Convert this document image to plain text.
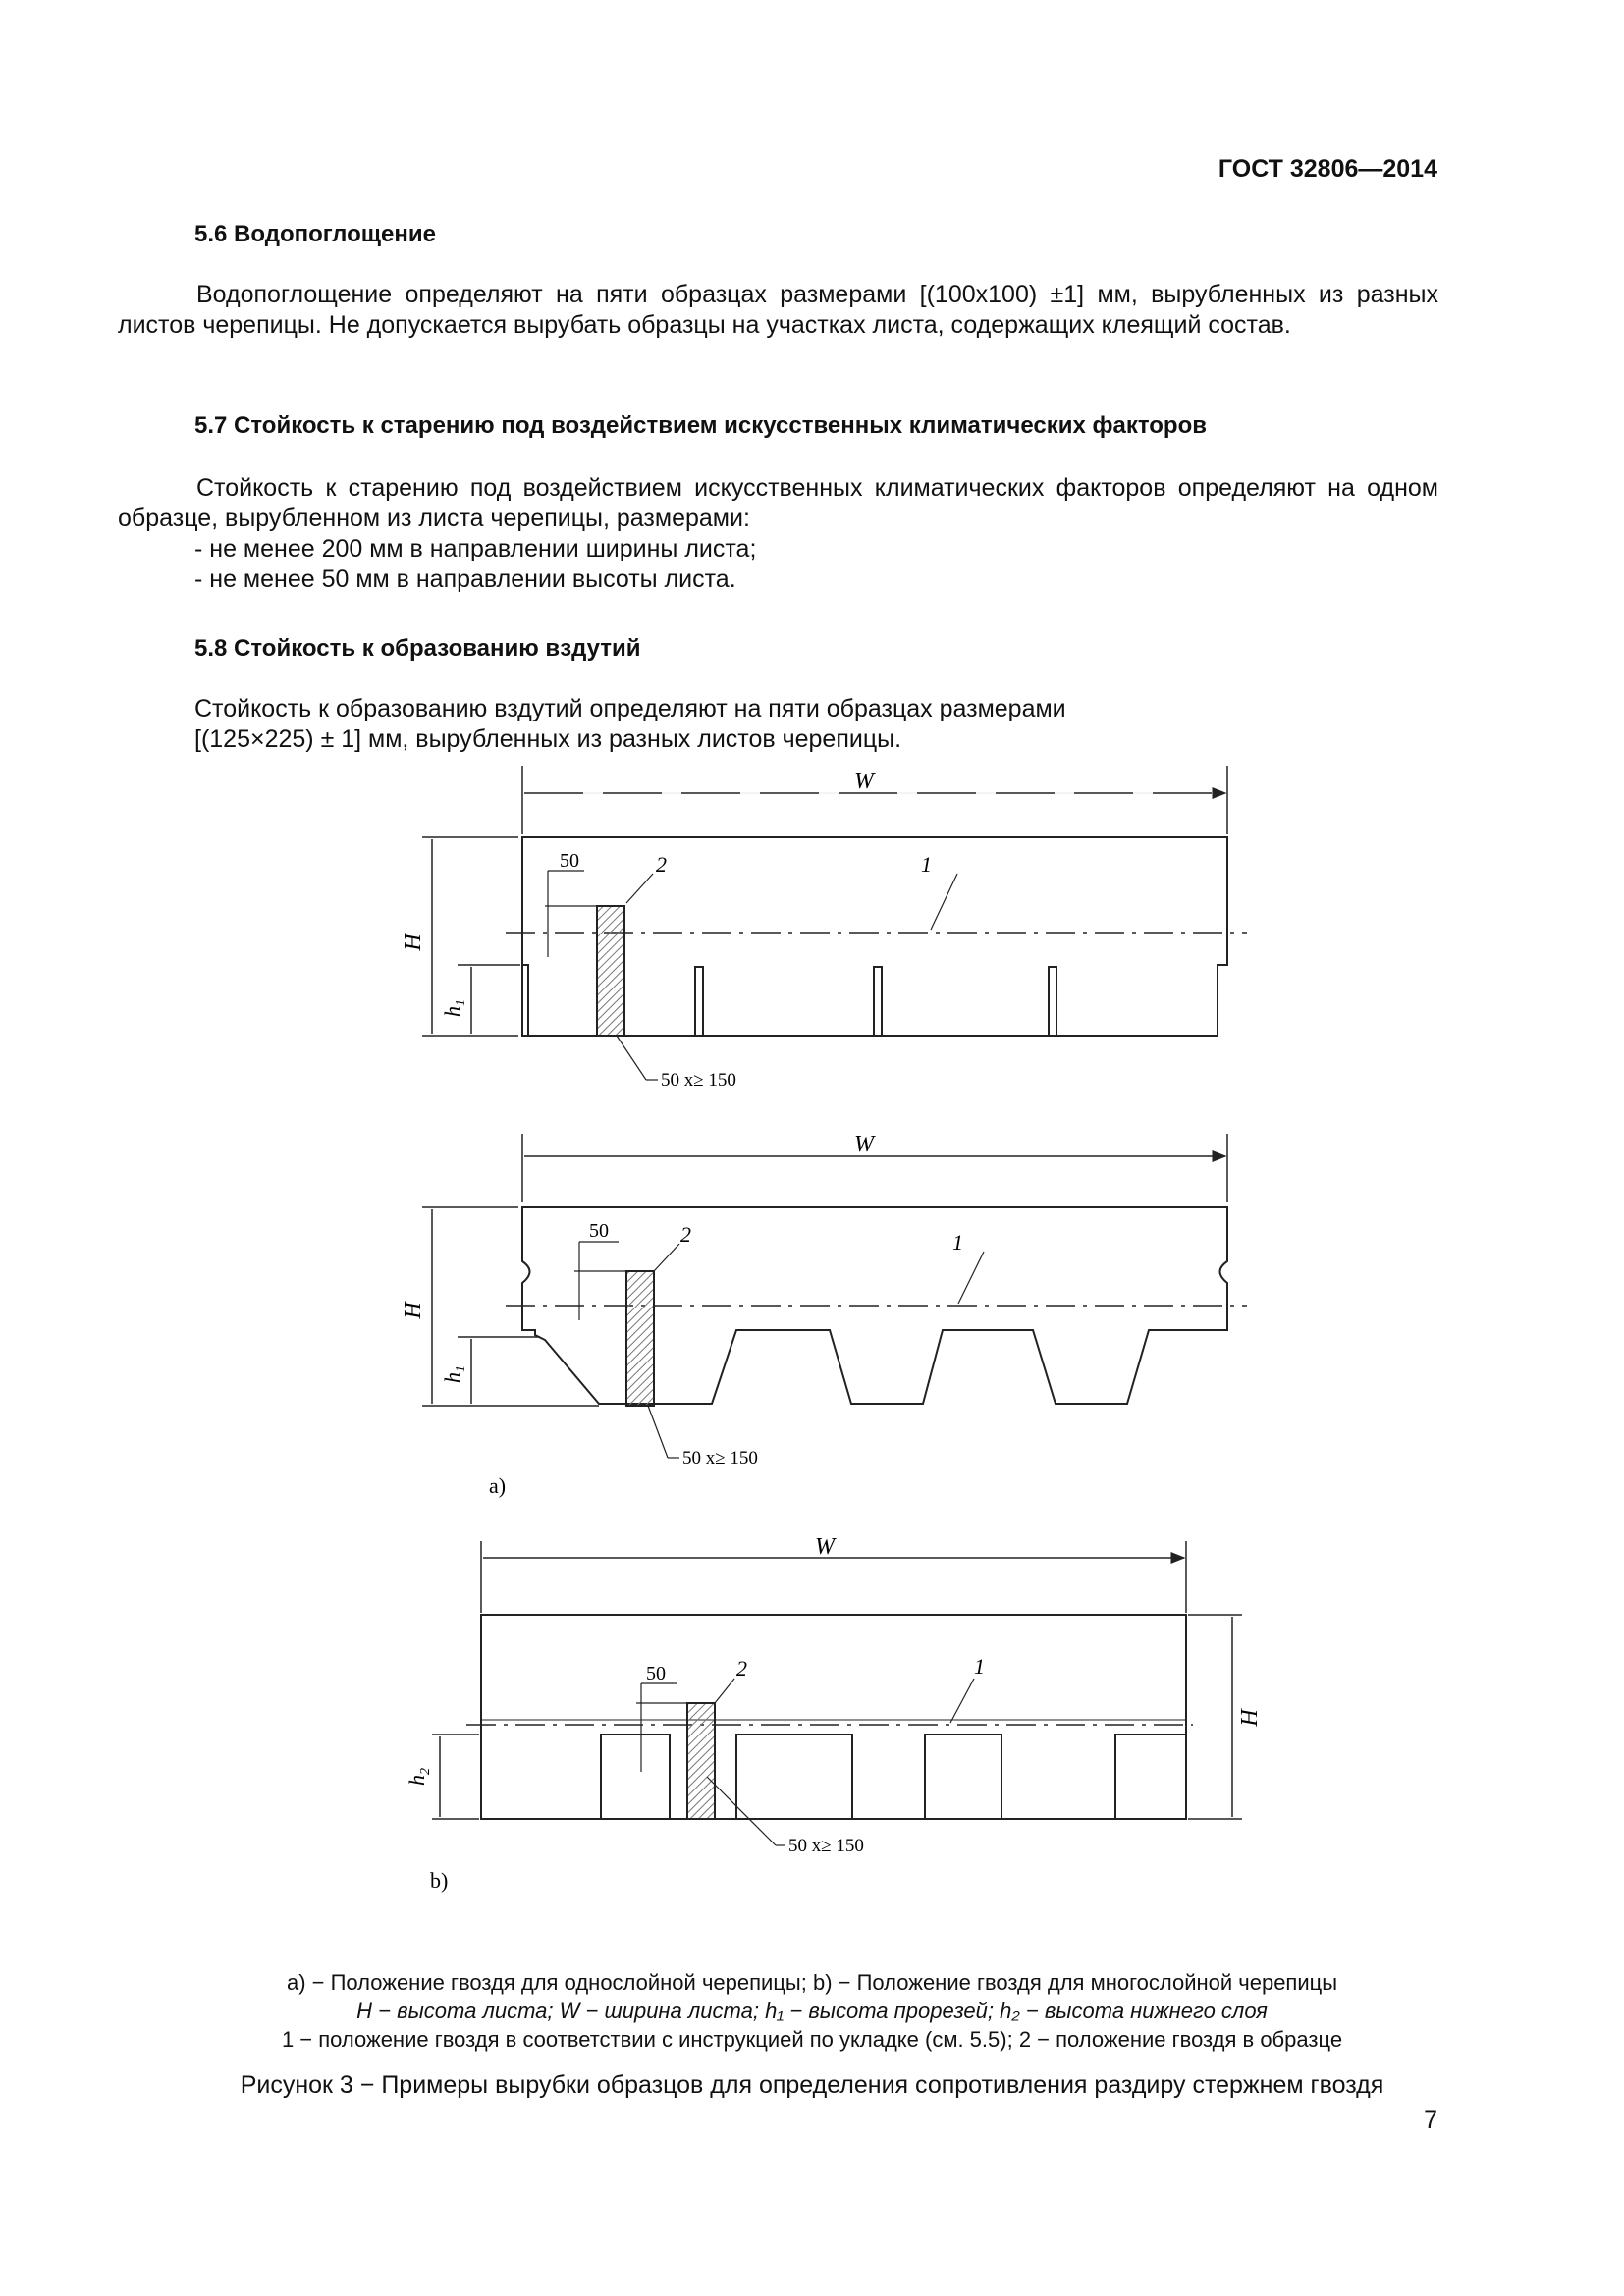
ГОСТ 32806—2014
5.6 Водопоглощение
Водопоглощение определяют на пяти образцах размерами [(100х100) ±1] мм, вырубленных из разных листов черепицы. Не допускается вырубать образцы на участках листа, содержащих клеящий состав.
5.7 Стойкость к старению под воздействием искусственных климатических факторов
Стойкость к старению под воздействием искусственных климатических факторов определяют на одном образце, вырубленном из листа черепицы, размерами:
- не менее 200 мм в направлении ширины листа;
- не менее 50 мм в направлении высоты листа.
5.8 Стойкость к образованию вздутий
Стойкость к образованию вздутий определяют на пяти образцах размерами
[(125×225) ± 1] мм, вырубленных из разных листов черепицы.
W
H
$h_1$
50	2	1
50 х≥ 150
W
H
$h_1$
50	2	1
50 х≥ 150
а)
W
H
$h_2$
50	2	1
50 х≥ 150
b)
а) − Положение гвоздя для однослойной черепицы; b) − Положение гвоздя для многослойной черепицы
H − высота листа; W − ширина листа; h₁ − высота прорезей; h₂ − высота нижнего слоя
1 − положение гвоздя в соответствии с инструкцией по укладке (см. 5.5); 2 − положение гвоздя в образце
Рисунок 3 − Примеры вырубки образцов для определения сопротивления раздиру стержнем гвоздя
7
